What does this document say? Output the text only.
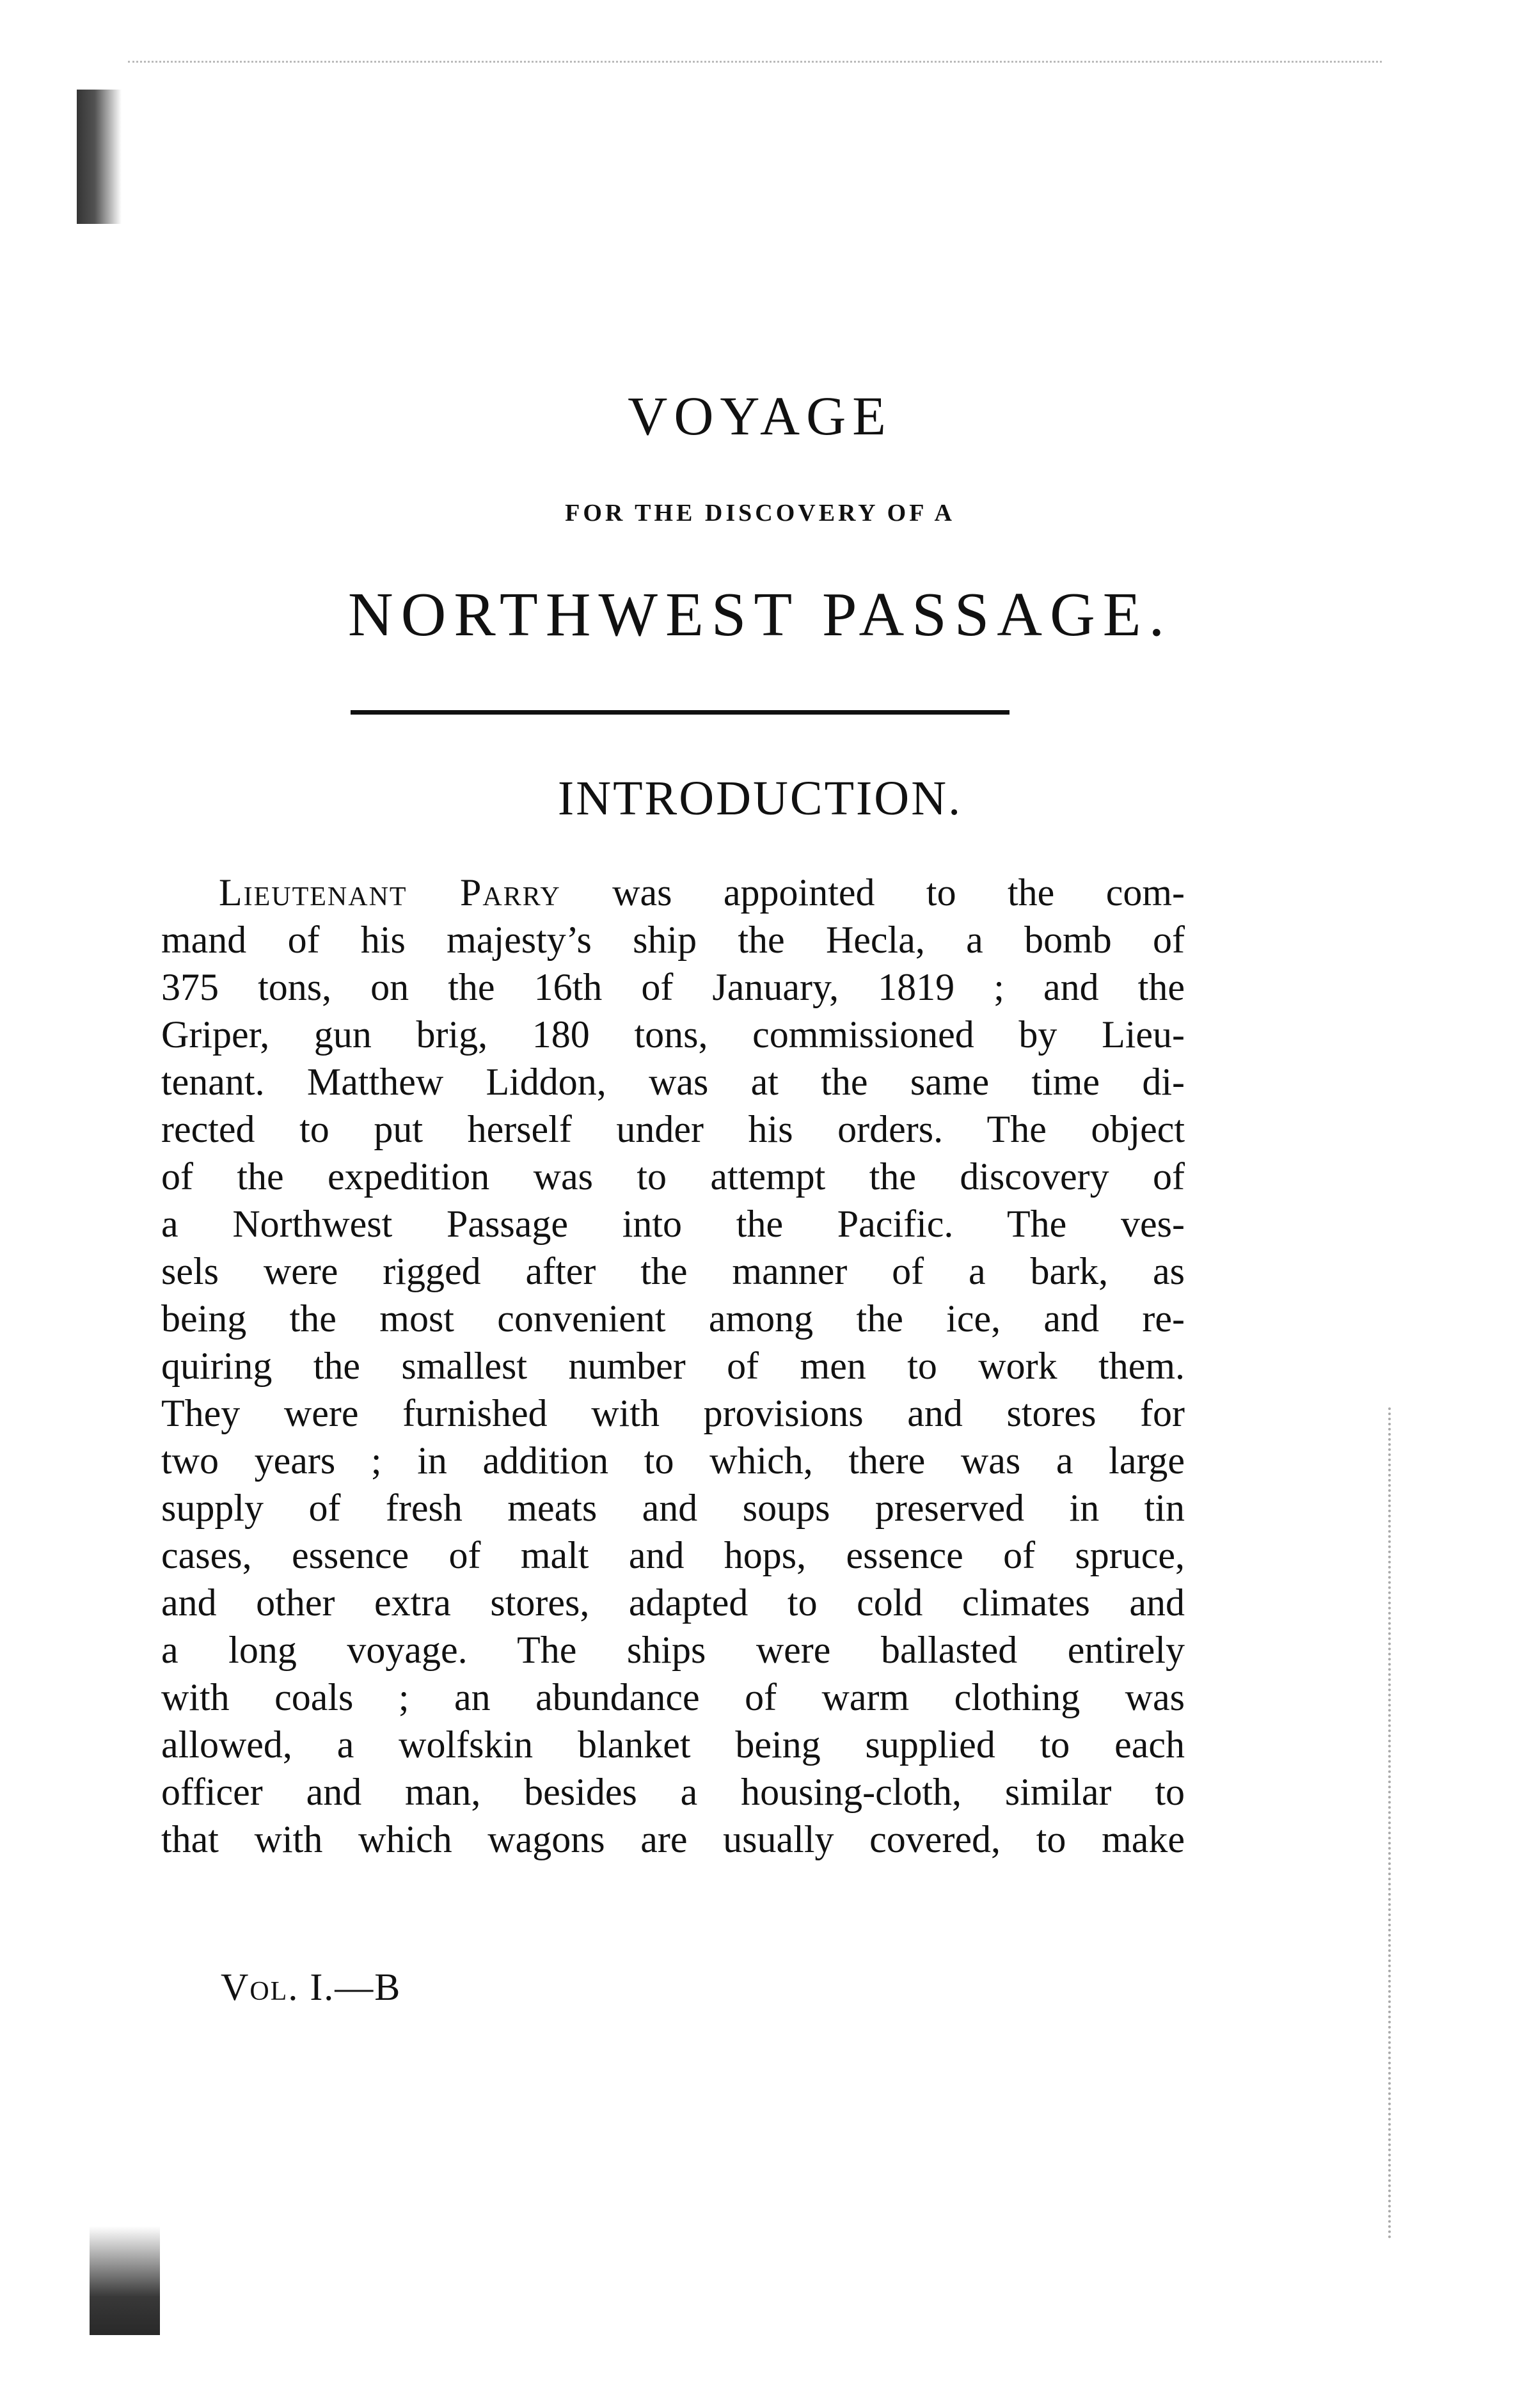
VOYAGE
FOR THE DISCOVERY OF A
NORTHWEST PASSAGE.
INTRODUCTION.
Lieutenant Parry was appointed to the com-
mand of his majesty’s ship the Hecla, a bomb of
375 tons, on the 16th of January, 1819 ; and the
Griper, gun brig, 180 tons, commissioned by Lieu-
tenant. Matthew Liddon, was at the same time di-
rected to put herself under his orders. The object
of the expedition was to attempt the discovery of
a Northwest Passage into the Pacific. The ves-
sels were rigged after the manner of a bark, as
being the most convenient among the ice, and re-
quiring the smallest number of men to work them.
They were furnished with provisions and stores for
two years ; in addition to which, there was a large
supply of fresh meats and soups preserved in tin
cases, essence of malt and hops, essence of spruce,
and other extra stores, adapted to cold climates and
a long voyage. The ships were ballasted entirely
with coals ; an abundance of warm clothing was
allowed, a wolfskin blanket being supplied to each
officer and man, besides a housing-cloth, similar to
that with which wagons are usually covered, to make
Vol. I.—B
